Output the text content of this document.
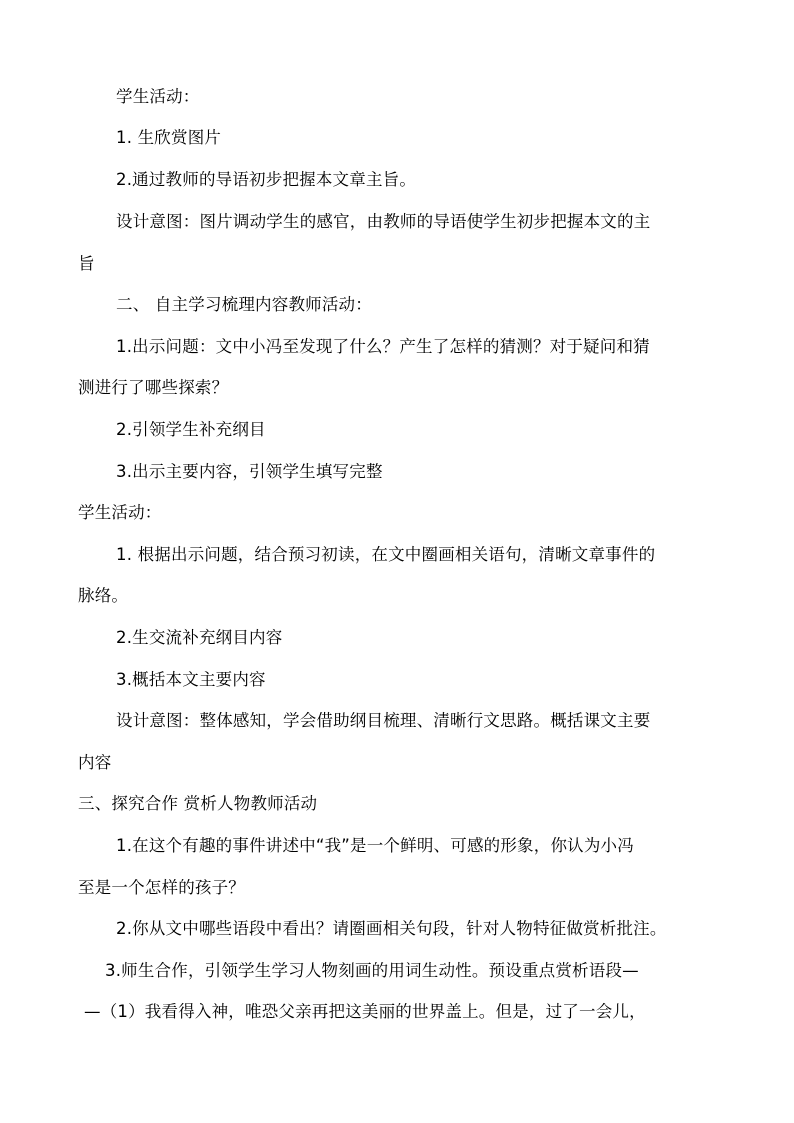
学生活动：
1. 生欣赏图片
2.通过教师的导语初步把握本文章主旨。
设计意图：图片调动学生的感官，由教师的导语使学生初步把握本文的主
旨
二、 自主学习梳理内容教师活动：
1.出示问题：文中小冯至发现了什么？产生了怎样的猜测？对于疑问和猜
测进行了哪些探索？
2.引领学生补充纲目
3.出示主要内容，引领学生填写完整
学生活动：
1. 根据出示问题，结合预习初读，在文中圈画相关语句，清晰文章事件的
脉络。
2.生交流补充纲目内容
3.概括本文主要内容
设计意图：整体感知，学会借助纲目梳理、清晰行文思路。概括课文主要
内容
三、探究合作 赏析人物教师活动
1.在这个有趣的事件讲述中“我”是一个鲜明、可感的形象，你认为小冯
至是一个怎样的孩子？
2.你从文中哪些语段中看出？请圈画相关句段，针对人物特征做赏析批注。
3.师生合作，引领学生学习人物刻画的用词生动性。预设重点赏析语段—
—（1）我看得入神，唯恐父亲再把这美丽的世界盖上。但是，过了一会儿，
